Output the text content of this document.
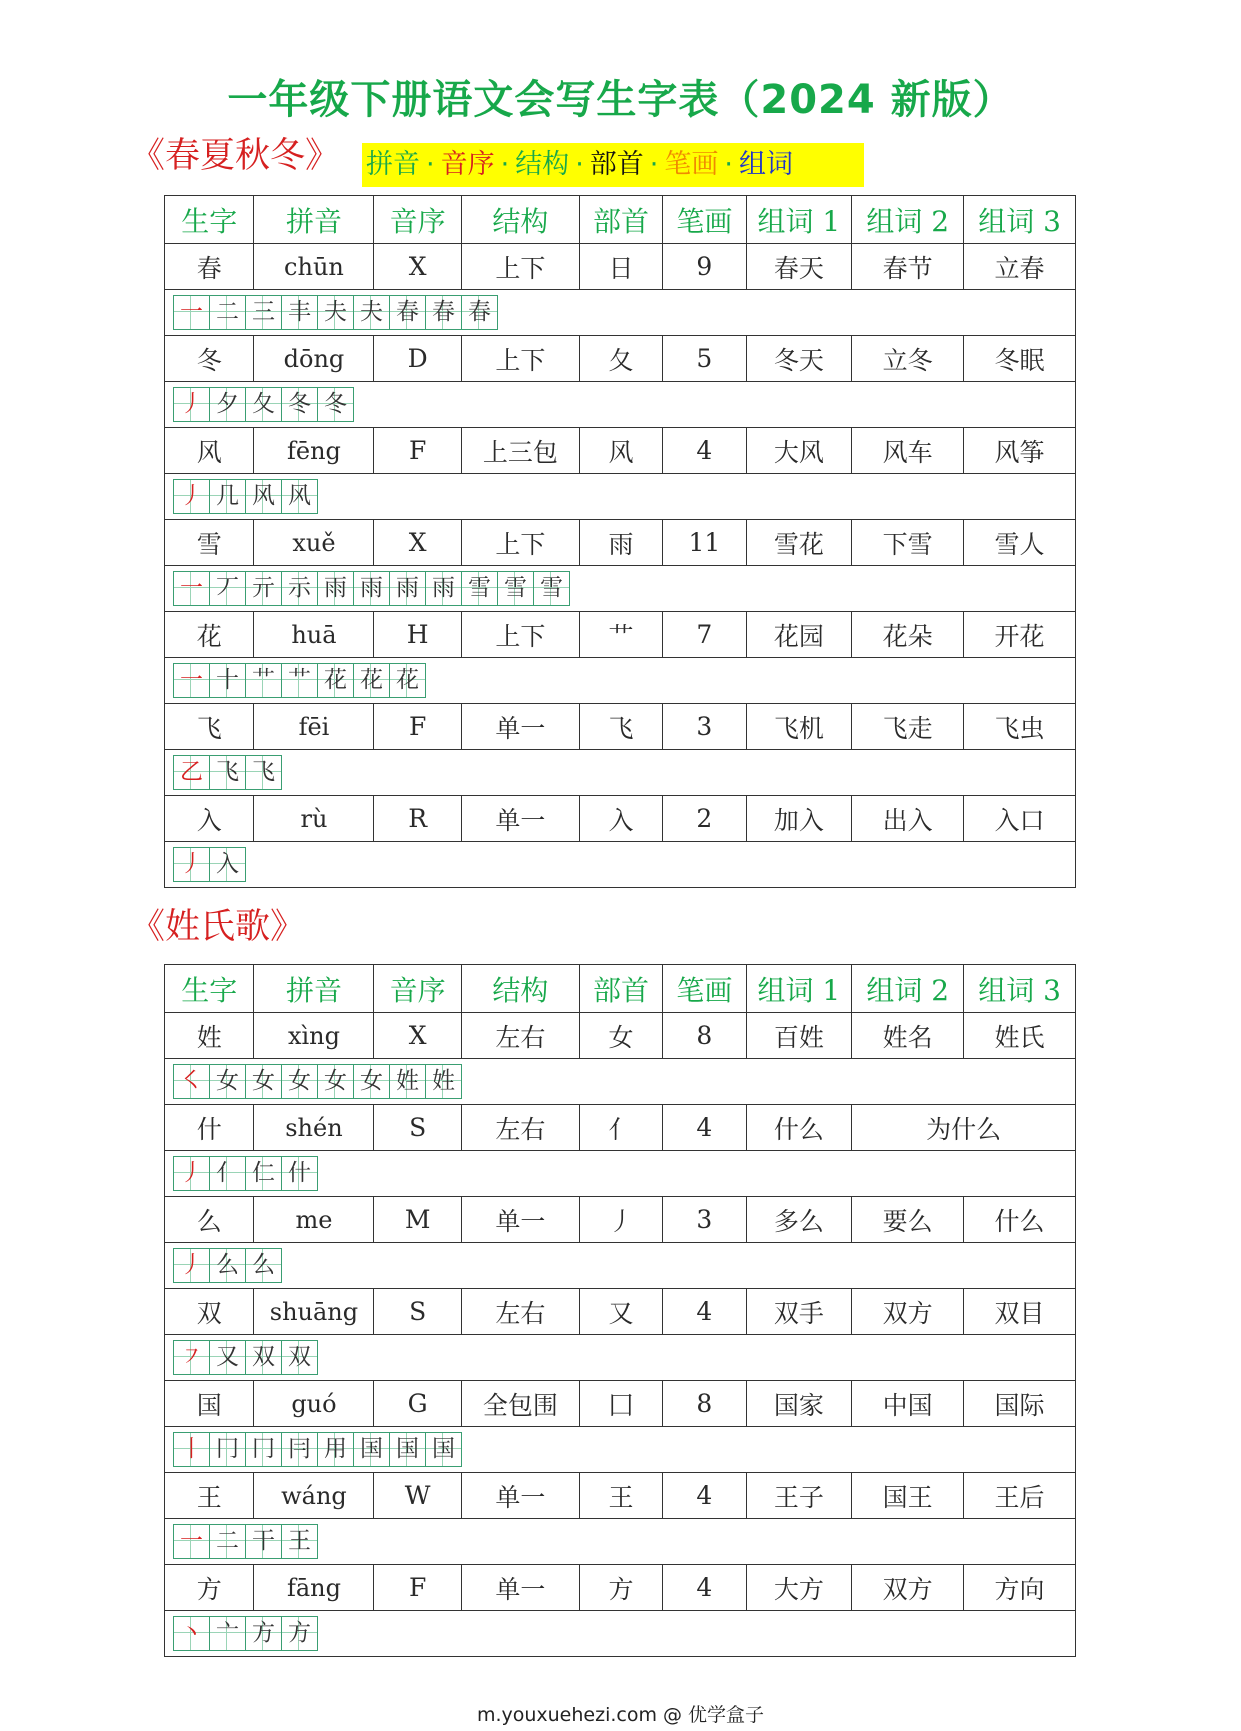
一年级下册语文会写生字表（2024 新版）
《春夏秋冬》 拼音 · 音序 · 结构 · 部首 · 笔画 · 组词
生字	拼音	音序	结构	部首	笔画	组词 1	组词 2	组词 3
春	chūn	X	上下	日	9	春天	春节	立春
一 二 三 丰 夫 夫 春 春 春								
冬	dōng	D	上下	夂	5	冬天	立冬	冬眠
丿 夕 夂 冬 冬								
风	fēng	F	上三包	风	4	大风	风车	风筝
丿 几 风 风								
雪	xuě	X	上下	雨	11	雪花	下雪	雪人
一 丆 亓 示 雨 雨 雨 雨 雪 雪 雪								
花	huā	H	上下	艹	7	花园	花朵	开花
一 十 艹 艹 花 花 花								
飞	fēi	F	单一	飞	3	飞机	飞走	飞虫
乙 飞 飞								
入	rù	R	单一	入	2	加入	出入	入口
丿 入								
《姓氏歌》
生字	拼音	音序	结构	部首	笔画	组词 1	组词 2	组词 3
姓	xìng	X	左右	女	8	百姓	姓名	姓氏
㇛ 女 女 女 女 女 姓 姓								
什	shén	S	左右	亻	4	什么	为什么	
丿 亻 仁 什								
么	me	M	单一	丿	3	多么	要么	什么
丿 么 么								
双	shuāng	S	左右	又	4	双手	双方	双目
㇇ 又 双 双								
国	guó	G	全包围	囗	8	国家	中国	国际
丨 冂 冂 冃 用 国 国 国								
王	wáng	W	单一	王	4	王子	国王	王后
一 二 干 王								
方	fāng	F	单一	方	4	大方	双方	方向
丶 亠 方 方								
m.youxuehezi.com @ 优学盒子
